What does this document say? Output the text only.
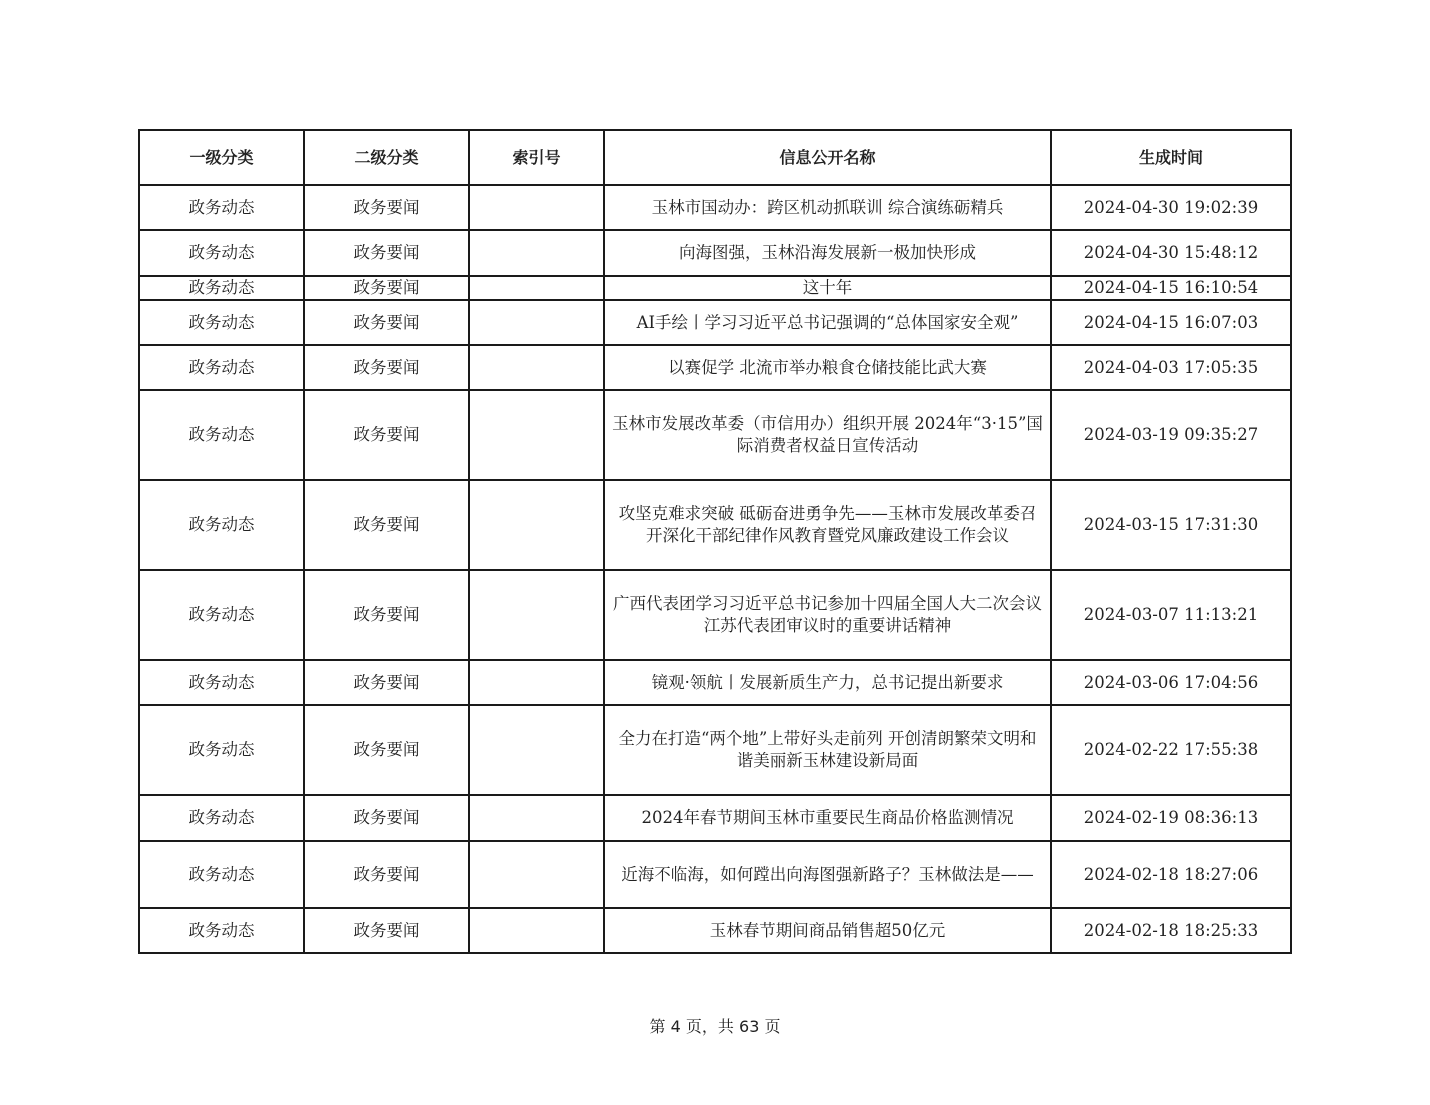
一级分类	二级分类	索引号	信息公开名称	生成时间
政务动态	政务要闻		玉林市国动办：跨区机动抓联训 综合演练砺精兵	2024-04-30 19:02:39
政务动态	政务要闻		向海图强，玉林沿海发展新一极加快形成	2024-04-30 15:48:12
政务动态	政务要闻		这十年	2024-04-15 16:10:54
政务动态	政务要闻		AI手绘丨学习习近平总书记强调的“总体国家安全观”	2024-04-15 16:07:03
政务动态	政务要闻		以赛促学 北流市举办粮食仓储技能比武大赛	2024-04-03 17:05:35
政务动态	政务要闻		玉林市发展改革委（市信用办）组织开展 2024年“3·15”国际消费者权益日宣传活动	2024-03-19 09:35:27
政务动态	政务要闻		攻坚克难求突破 砥砺奋进勇争先——玉林市发展改革委召开深化干部纪律作风教育暨党风廉政建设工作会议	2024-03-15 17:31:30
政务动态	政务要闻		广西代表团学习习近平总书记参加十四届全国人大二次会议江苏代表团审议时的重要讲话精神	2024-03-07 11:13:21
政务动态	政务要闻		镜观·领航丨发展新质生产力，总书记提出新要求	2024-03-06 17:04:56
政务动态	政务要闻		全力在打造“两个地”上带好头走前列 开创清朗繁荣文明和谐美丽新玉林建设新局面	2024-02-22 17:55:38
政务动态	政务要闻		2024年春节期间玉林市重要民生商品价格监测情况	2024-02-19 08:36:13
政务动态	政务要闻		近海不临海，如何蹚出向海图强新路子？玉林做法是——	2024-02-18 18:27:06
政务动态	政务要闻		玉林春节期间商品销售超50亿元	2024-02-18 18:25:33
第 4 页，共 63 页
